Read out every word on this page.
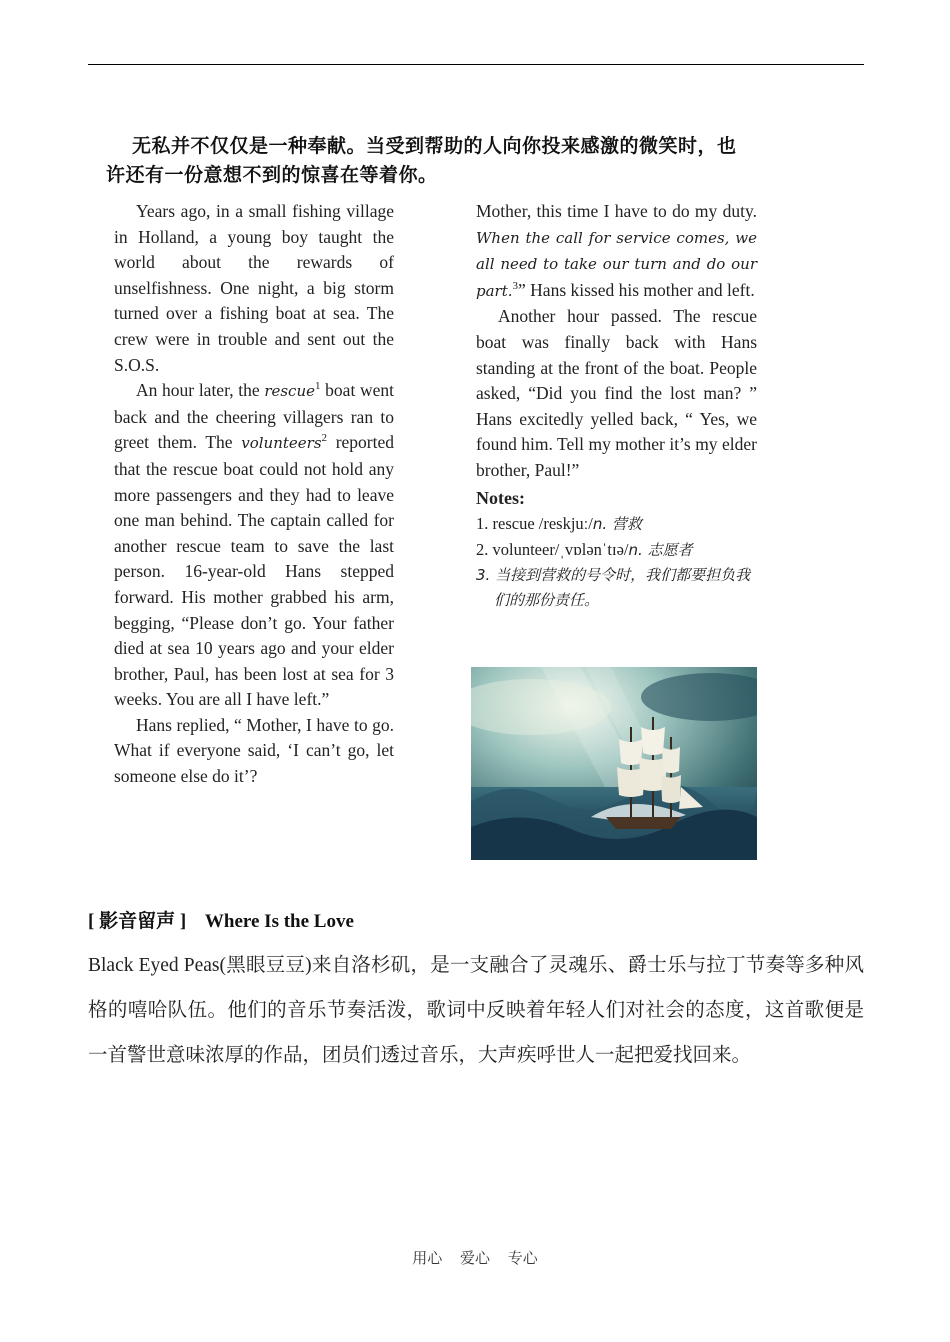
无私并不仅仅是一种奉献。当受到帮助的人向你投来感激的微笑时，也

许还有一份意想不到的惊喜在等着你。

Years ago, in a small fishing village in Holland, a young boy taught the world about the rewards of unselfishness. One night, a big storm turned over a fishing boat at sea. The crew were in trouble and sent out the S.O.S.

An hour later, the rescue$^1$ boat went back and the cheering villagers ran to greet them. The volunteers$^2$ reported that the rescue boat could not hold any more passengers and they had to leave one man behind. The captain called for another rescue team to save the last person. 16-year-old Hans stepped forward. His mother grabbed his arm, begging, “Please don’t go. Your father died at sea 10 years ago and your elder brother, Paul, has been lost at sea for 3 weeks. You are all I have left.”

Hans replied, “ Mother, I have to go. What if everyone said, ‘I can’t go, let someone else do it’?

Mother, this time I have to do my duty. When the call for service comes, we all need to take our turn and do our part.$^3$” Hans kissed his mother and left.

Another hour passed. The rescue boat was finally back with Hans standing at the front of the boat. People asked, “Did you find the lost man? ” Hans excitedly yelled back, “ Yes, we found him. Tell my mother it’s my elder brother, Paul!”

Notes:

1. rescue /reskjuː/n. 营救

2. volunteer/ˌvɒlənˈtɪə/n. 志愿者

3. 当接到营救的号令时，我们都要担负我们的那份责任。

[ 影音留声 ] Where Is the Love

Black Eyed Peas(黑眼豆豆)来自洛杉矶，是一支融合了灵魂乐、爵士乐与拉丁节奏等多种风格的嘻哈队伍。他们的音乐节奏活泼，歌词中反映着年轻人们对社会的态度，这首歌便是一首警世意味浓厚的作品，团员们透过音乐，大声疾呼世人一起把爱找回来。

用心 爱心 专心
